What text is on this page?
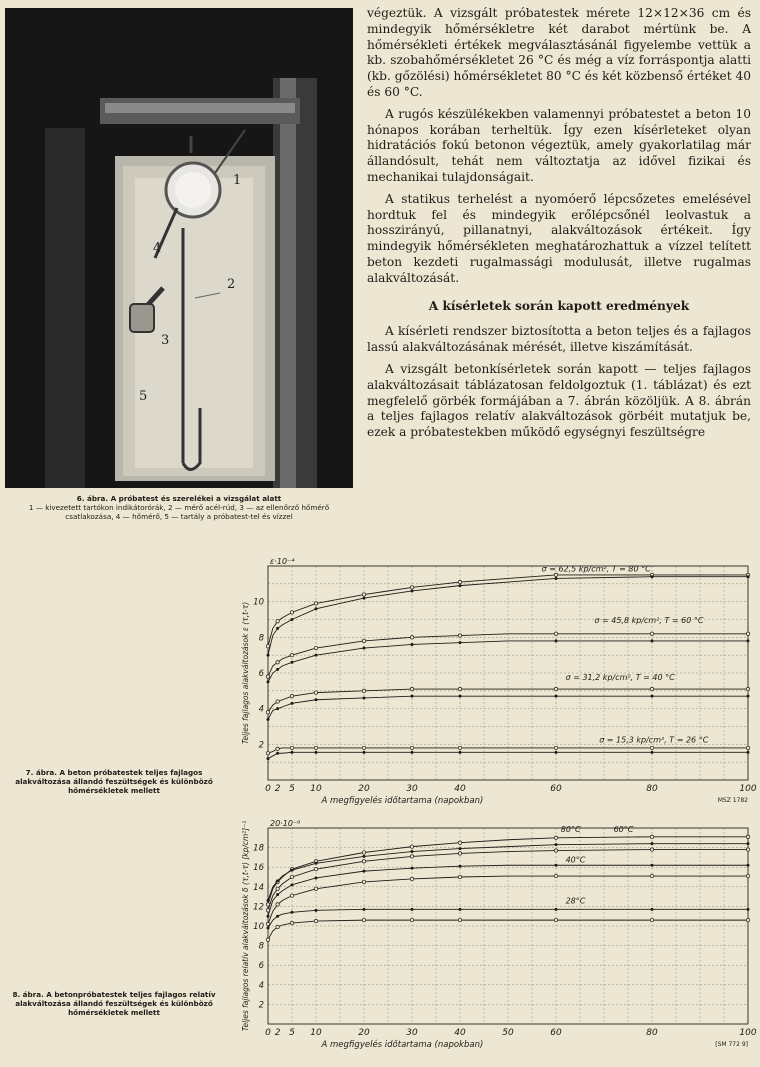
1
2
3
4
5
6. ábra. A próbatest és szerelékei a vizsgálat alatt
1 — kivezetett tartókon indikátorórák, 2 — mérő acél-rúd, 3 — az ellenőrző hőmérő csatlakozása, 4 — hőmérő, 5 — tartály a próbatest-tel és vízzel

végeztük. A vizsgált próbatestek mérete 12×12×36 cm és mindegyik hőmérsékletre két darabot mértünk be. A hőmérsékleti értékek megválasztásánál figyelembe vettük a kb. szobahőmérsékletet 26 °C és még a víz forráspontja alatti (kb. gőzölési) hőmérsékletet 80 °C és két közbenső értéket 40 és 60 °C.

A rugós készülékekben valamennyi próbatestet a beton 10 hónapos korában terheltük. Így ezen kísérleteket olyan hidratációs fokú betonon végeztük, amely gyakorlatilag már állandósult, tehát nem változtatja az idővel fizikai és mechanikai tulajdonságait.

A statikus terhelést a nyomóerő lépcsőzetes emelésével hordtuk fel és mindegyik erőlépcsőnél leolvastuk a hosszirányú, pillanatnyi, alakváltozások értékeit. Így mindegyik hőmérsékleten meghatározhattuk a vízzel telített beton kezdeti rugalmassági modulusát, illetve rugalmas alakváltozását.

A kísérletek során kapott eredmények

A kísérleti rendszer biztosította a beton teljes és a fajlagos lassú alakváltozásának mérését, illetve kiszámítását.

A vizsgált betonkísérletek során kapott — teljes fajlagos alakváltozásait táblázatosan feldolgoztuk (1. táblázat) és ezt megfelelő görbék formájában a 7. ábrán közöljük. A 8. ábrán a teljes fajlagos relatív alakváltozások görbéit mutatjuk be, ezek a próbatestekben működő egységnyi feszültségre

0 2 5 10	20	30	40	60	80	100
2
4
6
8
10
ε·10⁻⁴
A megfigyelés időtartama (napokban)
Teljes fajlagos alakváltozások ε (τ,t-τ)
MSZ 1782
σ = 62,5 kp/cm², T = 80 °C
σ = 45,8 kp/cm², T = 60 °C
σ = 31,2 kp/cm², T = 40 °C
σ = 15,3 kp/cm², T = 26 °C
7. ábra. A beton próbatestek teljes fajlagos alakváltozása állandó feszültségek és különböző hőmérsékletek mellett
0 2 5 10	20	30	40	50	60	80	100
2
4
6
8
10
12
14
16
18
20·10⁻⁶
A megfigyelés időtartama (napokban)
Teljes fajlagos relatív alakváltozások δ (τ,t-τ) [kp/cm²]⁻¹
[SM 772 9]
80°C	60°C
40°C
28°C
8. ábra. A betonpróbatestek teljes fajlagos relatív alakváltozása állandó feszültségek és különböző hőmérsékletek mellett
